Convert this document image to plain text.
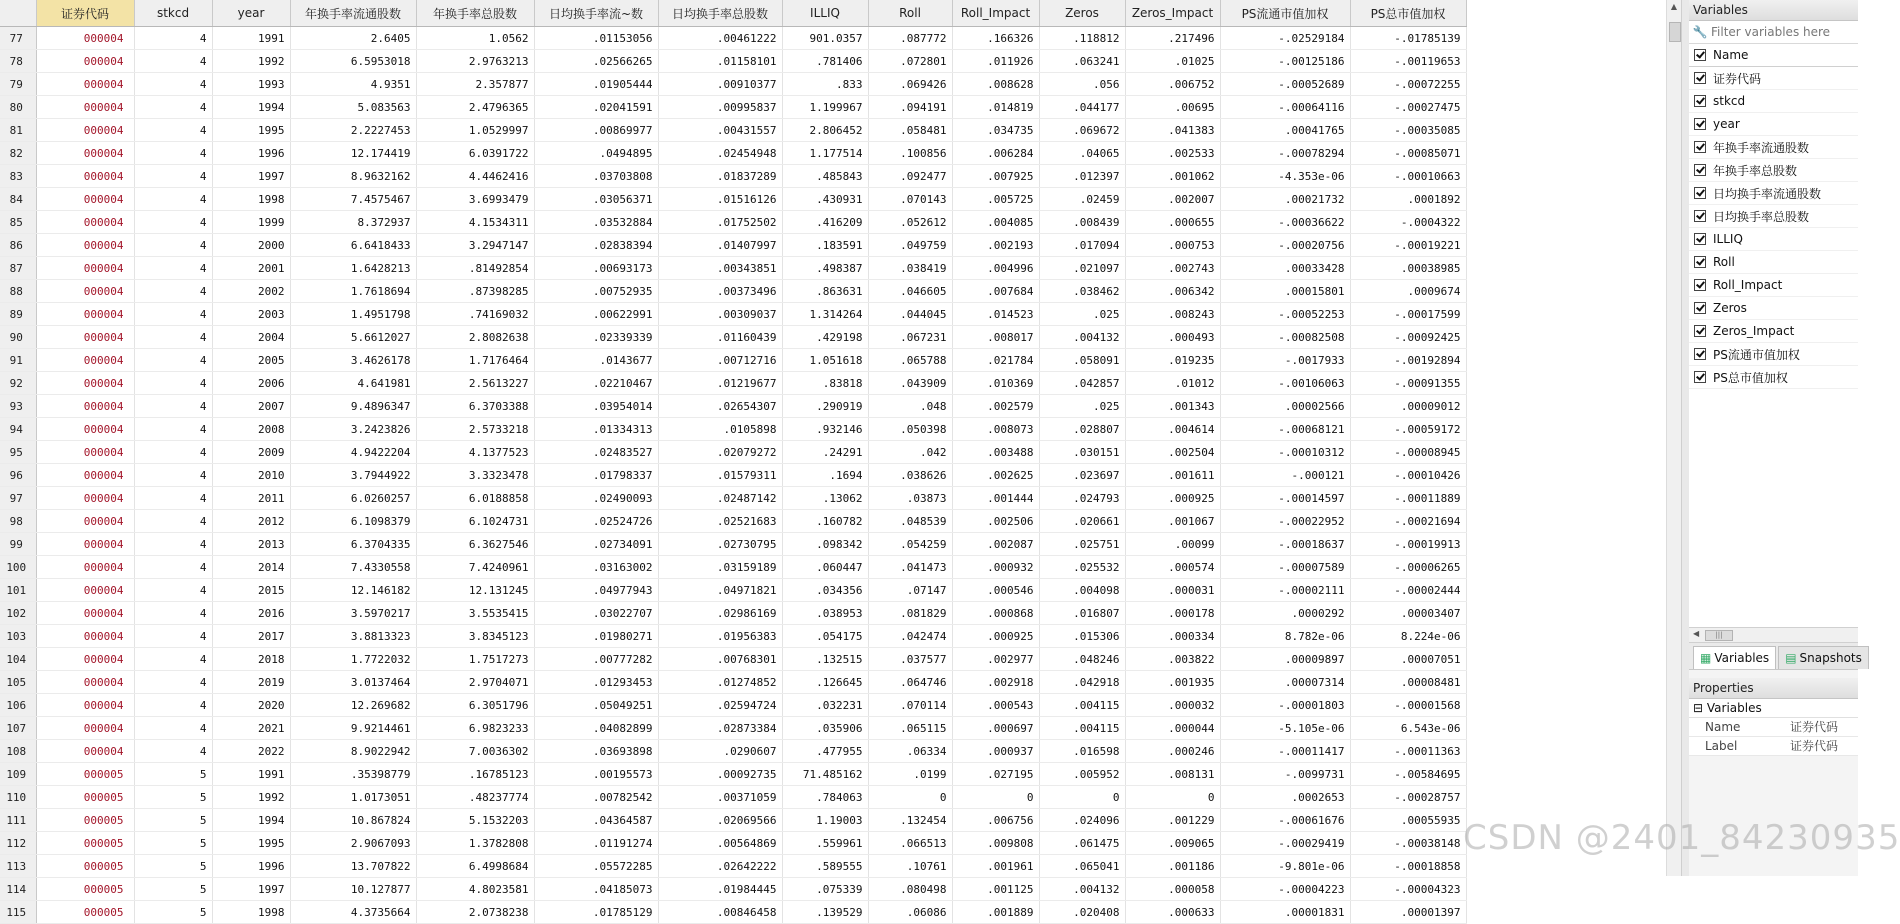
	证券代码	stkcd	year	年换手率流通股数	年换手率总股数	日均换手率流~数	日均换手率总股数	ILLIQ	Roll	Roll_Impact	Zeros	Zeros_Impact	PS流通市值加权	PS总市值加权
77	000004	4	1991	2.6405	1.0562	.01153056	.00461222	901.0357	.087772	.166326	.118812	.217496	-.02529184	-.01785139
78	000004	4	1992	6.5953018	2.9763213	.02566265	.01158101	.781406	.072801	.011926	.063241	.01025	-.00125186	-.00119653
79	000004	4	1993	4.9351	2.357877	.01905444	.00910377	.833	.069426	.008628	.056	.006752	-.00052689	-.00072255
80	000004	4	1994	5.083563	2.4796365	.02041591	.00995837	1.199967	.094191	.014819	.044177	.00695	-.00064116	-.00027475
81	000004	4	1995	2.2227453	1.0529997	.00869977	.00431557	2.806452	.058481	.034735	.069672	.041383	.00041765	-.00035085
82	000004	4	1996	12.174419	6.0391722	.0494895	.02454948	1.177514	.100856	.006284	.04065	.002533	-.00078294	-.00085071
83	000004	4	1997	8.9632162	4.4462416	.03703808	.01837289	.485843	.092477	.007925	.012397	.001062	-4.353e-06	-.00010663
84	000004	4	1998	7.4575467	3.6993479	.03056371	.01516126	.430931	.070143	.005725	.02459	.002007	.00021732	.0001892
85	000004	4	1999	8.372937	4.1534311	.03532884	.01752502	.416209	.052612	.004085	.008439	.000655	-.00036622	-.0004322
86	000004	4	2000	6.6418433	3.2947147	.02838394	.01407997	.183591	.049759	.002193	.017094	.000753	-.00020756	-.00019221
87	000004	4	2001	1.6428213	.81492854	.00693173	.00343851	.498387	.038419	.004996	.021097	.002743	.00033428	.00038985
88	000004	4	2002	1.7618694	.87398285	.00752935	.00373496	.863631	.046605	.007684	.038462	.006342	.00015801	.0009674
89	000004	4	2003	1.4951798	.74169032	.00622991	.00309037	1.314264	.044045	.014523	.025	.008243	-.00052253	-.00017599
90	000004	4	2004	5.6612027	2.8082638	.02339339	.01160439	.429198	.067231	.008017	.004132	.000493	-.00082508	-.00092425
91	000004	4	2005	3.4626178	1.7176464	.0143677	.00712716	1.051618	.065788	.021784	.058091	.019235	-.0017933	-.00192894
92	000004	4	2006	4.641981	2.5613227	.02210467	.01219677	.83818	.043909	.010369	.042857	.01012	-.00106063	-.00091355
93	000004	4	2007	9.4896347	6.3703388	.03954014	.02654307	.290919	.048	.002579	.025	.001343	.00002566	.00009012
94	000004	4	2008	3.2423826	2.5733218	.01334313	.0105898	.932146	.050398	.008073	.028807	.004614	-.00068121	-.00059172
95	000004	4	2009	4.9422204	4.1377523	.02483527	.02079272	.24291	.042	.003488	.030151	.002504	-.00010312	-.00008945
96	000004	4	2010	3.7944922	3.3323478	.01798337	.01579311	.1694	.038626	.002625	.023697	.001611	-.000121	-.00010426
97	000004	4	2011	6.0260257	6.0188858	.02490093	.02487142	.13062	.03873	.001444	.024793	.000925	-.00014597	-.00011889
98	000004	4	2012	6.1098379	6.1024731	.02524726	.02521683	.160782	.048539	.002506	.020661	.001067	-.00022952	-.00021694
99	000004	4	2013	6.3704335	6.3627546	.02734091	.02730795	.098342	.054259	.002087	.025751	.00099	-.00018637	-.00019913
100	000004	4	2014	7.4330558	7.4240961	.03163002	.03159189	.060447	.041473	.000932	.025532	.000574	-.00007589	-.00006265
101	000004	4	2015	12.146182	12.131245	.04977943	.04971821	.034356	.07147	.000546	.004098	.000031	-.00002111	-.00002444
102	000004	4	2016	3.5970217	3.5535415	.03022707	.02986169	.038953	.081829	.000868	.016807	.000178	.0000292	.00003407
103	000004	4	2017	3.8813323	3.8345123	.01980271	.01956383	.054175	.042474	.000925	.015306	.000334	8.782e-06	8.224e-06
104	000004	4	2018	1.7722032	1.7517273	.00777282	.00768301	.132515	.037577	.002977	.048246	.003822	.00009897	.00007051
105	000004	4	2019	3.0137464	2.9704071	.01293453	.01274852	.126645	.064746	.002918	.042918	.001935	.00007314	.00008481
106	000004	4	2020	12.269682	6.3051796	.05049251	.02594724	.032231	.070114	.000543	.004115	.000032	-.00001803	-.00001568
107	000004	4	2021	9.9214461	6.9823233	.04082899	.02873384	.035906	.065115	.000697	.004115	.000044	-5.105e-06	6.543e-06
108	000004	4	2022	8.9022942	7.0036302	.03693898	.0290607	.477955	.06334	.000937	.016598	.000246	-.00011417	-.00011363
109	000005	5	1991	.35398779	.16785123	.00195573	.00092735	71.485162	.0199	.027195	.005952	.008131	-.0099731	-.00584695
110	000005	5	1992	1.0173051	.48237774	.00782542	.00371059	.784063	0	0	0	0	.0002653	-.00028757
111	000005	5	1994	10.867824	5.1532203	.04364587	.02069566	1.19003	.132454	.006756	.024096	.001229	-.00061676	.00055935
112	000005	5	1995	2.9067093	1.3782808	.01191274	.00564869	.559961	.066513	.009808	.061475	.009065	-.00029419	-.00038148
113	000005	5	1996	13.707822	6.4998684	.05572285	.02642222	.589555	.10761	.001961	.065041	.001186	-9.801e-06	-.00018858
114	000005	5	1997	10.127877	4.8023581	.04185073	.01984445	.075339	.080498	.001125	.004132	.000058	-.00004223	-.00004323
115	000005	5	1998	4.3735664	2.0738238	.01785129	.00846458	.139529	.06086	.001889	.020408	.000633	.00001831	.00001397
▲	Variables
🔧 Filter variables here
Name
证券代码
stkcd
year
年换手率流通股数
年换手率总股数
日均换手率流通股数
日均换手率总股数
ILLIQ
Roll
Roll_Impact
Zeros
Zeros_Impact
PS流通市值加权
PS总市值加权
◀	|||
▦ Variables	▤ Snapshots
Properties
⊟ Variables
Name	证券代码
Label	证券代码
CSDN @2401_84230935
